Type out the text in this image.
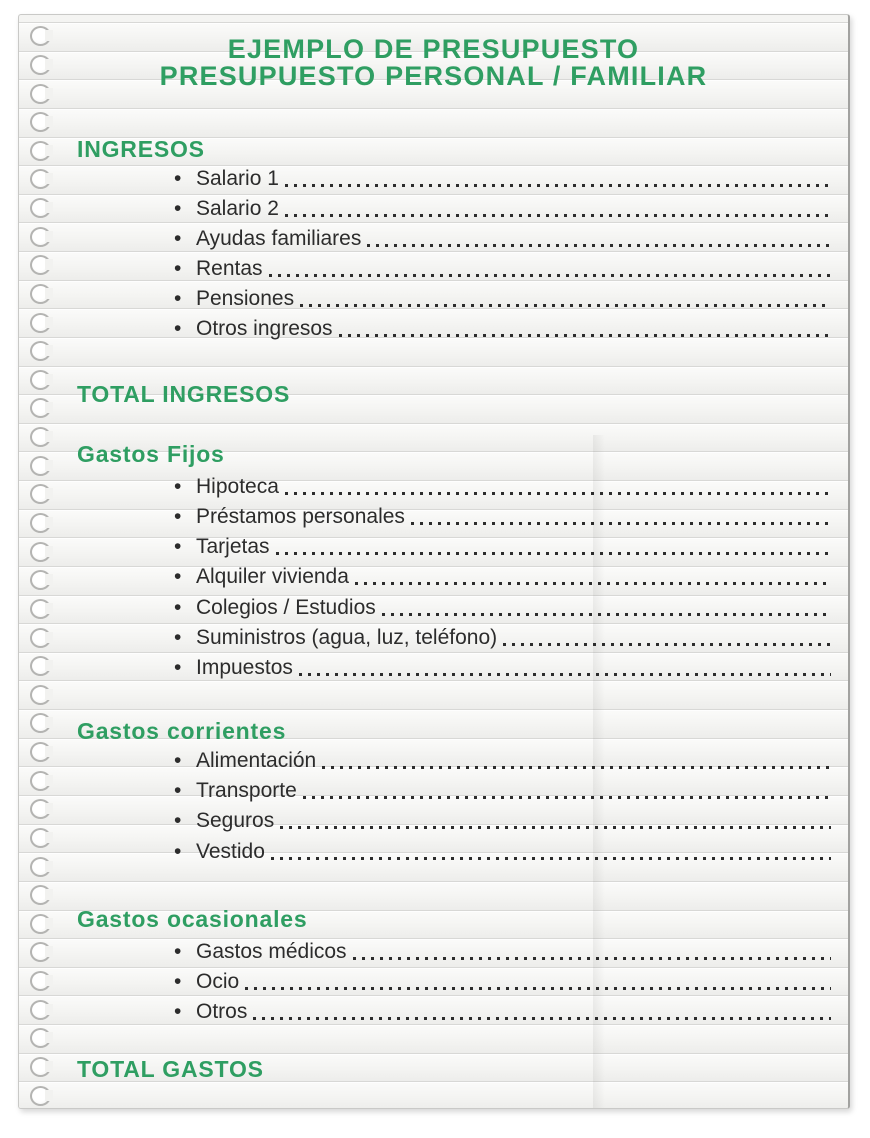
EJEMPLO DE PRESUPUESTO
PRESUPUESTO PERSONAL / FAMILIAR
INGRESOS
• Salario 1
• Salario 2
• Ayudas familiares
• Rentas
• Pensiones
• Otros ingresos
TOTAL INGRESOS
Gastos Fijos
• Hipoteca
• Préstamos personales
• Tarjetas
• Alquiler vivienda
• Colegios / Estudios
• Suministros (agua, luz, teléfono)
• Impuestos
Gastos corrientes
• Alimentación
• Transporte
• Seguros
• Vestido
Gastos ocasionales
• Gastos médicos
• Ocio
• Otros
TOTAL GASTOS
